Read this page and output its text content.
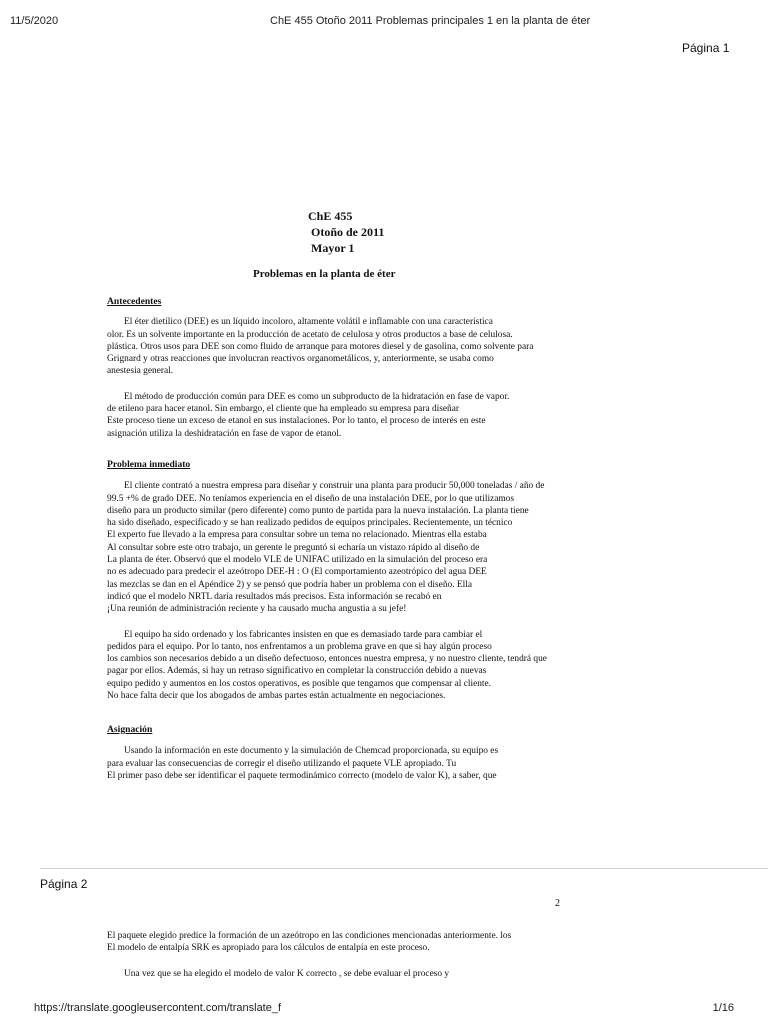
11/5/2020	ChE 455 Otoño 2011 Problemas principales 1 en la planta de éter
Página 1
ChE 455
Otoño de 2011
Mayor 1
Problemas en la planta de éter
Antecedentes

El éter dietílico (DEE) es un líquido incoloro, altamente volátil e inflamable con una característica

olor. Es un solvente importante en la producción de acetato de celulosa y otros productos a base de celulosa.

plástica. Otros usos para DEE son como fluido de arranque para motores diesel y de gasolina, como solvente para

Grignard y otras reacciones que involucran reactivos organometálicos, y, anteriormente, se usaba como

anestesia general.

El método de producción común para DEE es como un subproducto de la hidratación en fase de vapor.

de etileno para hacer etanol. Sin embargo, el cliente que ha empleado su empresa para diseñar

Este proceso tiene un exceso de etanol en sus instalaciones. Por lo tanto, el proceso de interés en este

asignación utiliza la deshidratación en fase de vapor de etanol.

Problema inmediato

El cliente contrató a nuestra empresa para diseñar y construir una planta para producir 50,000 toneladas / año de

99.5 +% de grado DEE. No teníamos experiencia en el diseño de una instalación DEE, por lo que utilizamos

diseño para un producto similar (pero diferente) como punto de partida para la nueva instalación. La planta tiene

ha sido diseñado, especificado y se han realizado pedidos de equipos principales. Recientemente, un técnico

El experto fue llevado a la empresa para consultar sobre un tema no relacionado. Mientras ella estaba

Al consultar sobre este otro trabajo, un gerente le preguntó si echaría un vistazo rápido al diseño de

La planta de éter. Observó que el modelo VLE de UNIFAC utilizado en la simulación del proceso era

no es adecuado para predecir el azeótropo DEE-H : O (El comportamiento azeotrópico del agua DEE

las mezclas se dan en el Apéndice 2) y se pensó que podría haber un problema con el diseño. Ella

indicó que el modelo NRTL daría resultados más precisos. Esta información se recabó en

¡Una reunión de administración reciente y ha causado mucha angustia a su jefe!

El equipo ha sido ordenado y los fabricantes insisten en que es demasiado tarde para cambiar el

pedidos para el equipo. Por lo tanto, nos enfrentamos a un problema grave en que si hay algún proceso

los cambios son necesarios debido a un diseño defectuoso, entonces nuestra empresa, y no nuestro cliente, tendrá que

pagar por ellos. Además, si hay un retraso significativo en completar la construcción debido a nuevas

equipo pedido y aumentos en los costos operativos, es posible que tengamos que compensar al cliente.

No hace falta decir que los abogados de ambas partes están actualmente en negociaciones.

Asignación

Usando la información en este documento y la simulación de Chemcad proporcionada, su equipo es

para evaluar las consecuencias de corregir el diseño utilizando el paquete VLE apropiado. Tu

El primer paso debe ser identificar el paquete termodinámico correcto (modelo de valor K), a saber, que

Página 2
2

El paquete elegido predice la formación de un azeótropo en las condiciones mencionadas anteriormente. los

El modelo de entalpía SRK es apropiado para los cálculos de entalpía en este proceso.

Una vez que se ha elegido el modelo de valor K correcto , se debe evaluar el proceso y

https://translate.googleusercontent.com/translate_f	1/16
